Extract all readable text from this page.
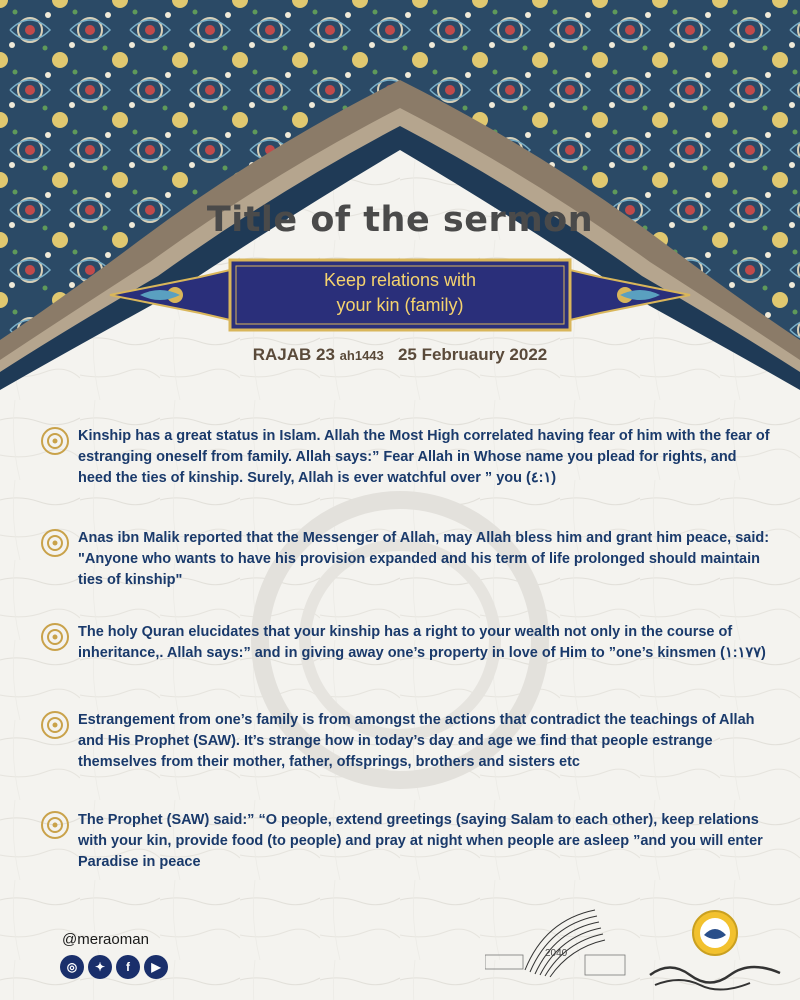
Title of the sermon
Keep relations with
your kin (family)
RAJAB 23 ah1443 25 Februaury 2022

Kinship has a great status in Islam. Allah the Most High correlated having fear of him with the fear of estranging oneself from family. Allah says:” Fear Allah in Whose name you plead for rights, and heed the ties of kinship. Surely, Allah is ever watchful over ” you (٤:١)

Anas ibn Malik reported that the Messenger of Allah, may Allah bless him and grant him peace, said: "Anyone who wants to have his provision expanded and his term of life prolonged should maintain ties of kinship"

The holy Quran elucidates that your kinship has a right to your wealth not only in the course of inheritance,. Allah says:” and in giving away one’s property in love of Him to ”one’s kinsmen (١:١٧٧)

Estrangement from one’s family is from amongst the actions that contradict the teachings of Allah and His Prophet (SAW). It’s strange how in today’s day and age we find that people estrange themselves from their mother, father, offsprings, brothers and sisters etc

The Prophet (SAW) said:” “O people, extend greetings (saying Salam to each other), keep relations with your kin, provide food (to people) and pray at night when people are asleep ”and you will enter Paradise in peace

@meraoman
◎	✦	f	▶
2040
